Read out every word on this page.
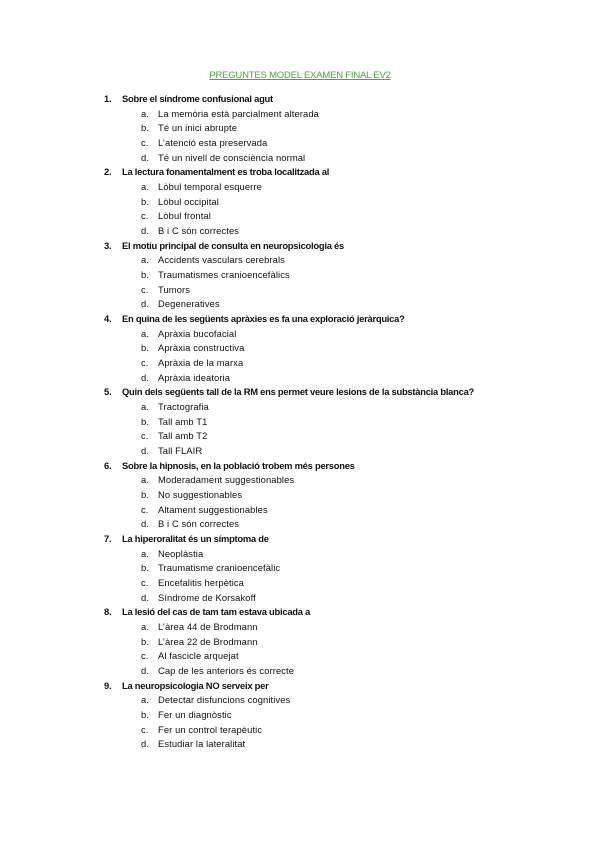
PREGUNTES MODEL EXAMEN FINAL EV2
1. Sobre el síndrome confusional agut
a. La memòria està parcialment alterada
b. Té un inici abrupte
c. L’atenció esta preservada
d. Té un nivell de consciència normal
2. La lectura fonamentalment es troba localitzada al
a. Lòbul temporal esquerre
b. Lòbul occipital
c. Lòbul frontal
d. B i C són correctes
3. El motiu principal de consulta en neuropsicologia és
a. Accidents vasculars cerebrals
b. Traumatismes cranioencefàlics
c. Tumors
d. Degeneratives
4. En quina de les següents apràxies es fa una exploració jeràrquica?
a. Apràxia bucofacial
b. Apràxia constructiva
c. Apràxia de la marxa
d. Apràxia ideatoria
5. Quin dels següents tall de la RM ens permet veure lesions de la substància blanca?
a. Tractografia
b. Tall amb T1
c. Tall amb T2
d. Tall FLAIR
6. Sobre la hipnosis, en la població trobem més persones
a. Moderadament suggestionables
b. No suggestionables
c. Altament suggestionables
d. B i C són correctes
7. La hiperoralitat és un símptoma de
a. Neoplàstia
b. Traumatisme cranioencefàlic
c. Encefalitis herpètica
d. Síndrome de Korsakoff
8. La lesió del cas de tam tam estava ubicada a
a. L’àrea 44 de Brodmann
b. L’àrea 22 de Brodmann
c. Al fascicle arquejat
d. Cap de les anteriors és correcte
9. La neuropsicologia NO serveix per
a. Detectar disfuncions cognitives
b. Fer un diagnòstic
c. Fer un control terapèutic
d. Estudiar la lateralitat
